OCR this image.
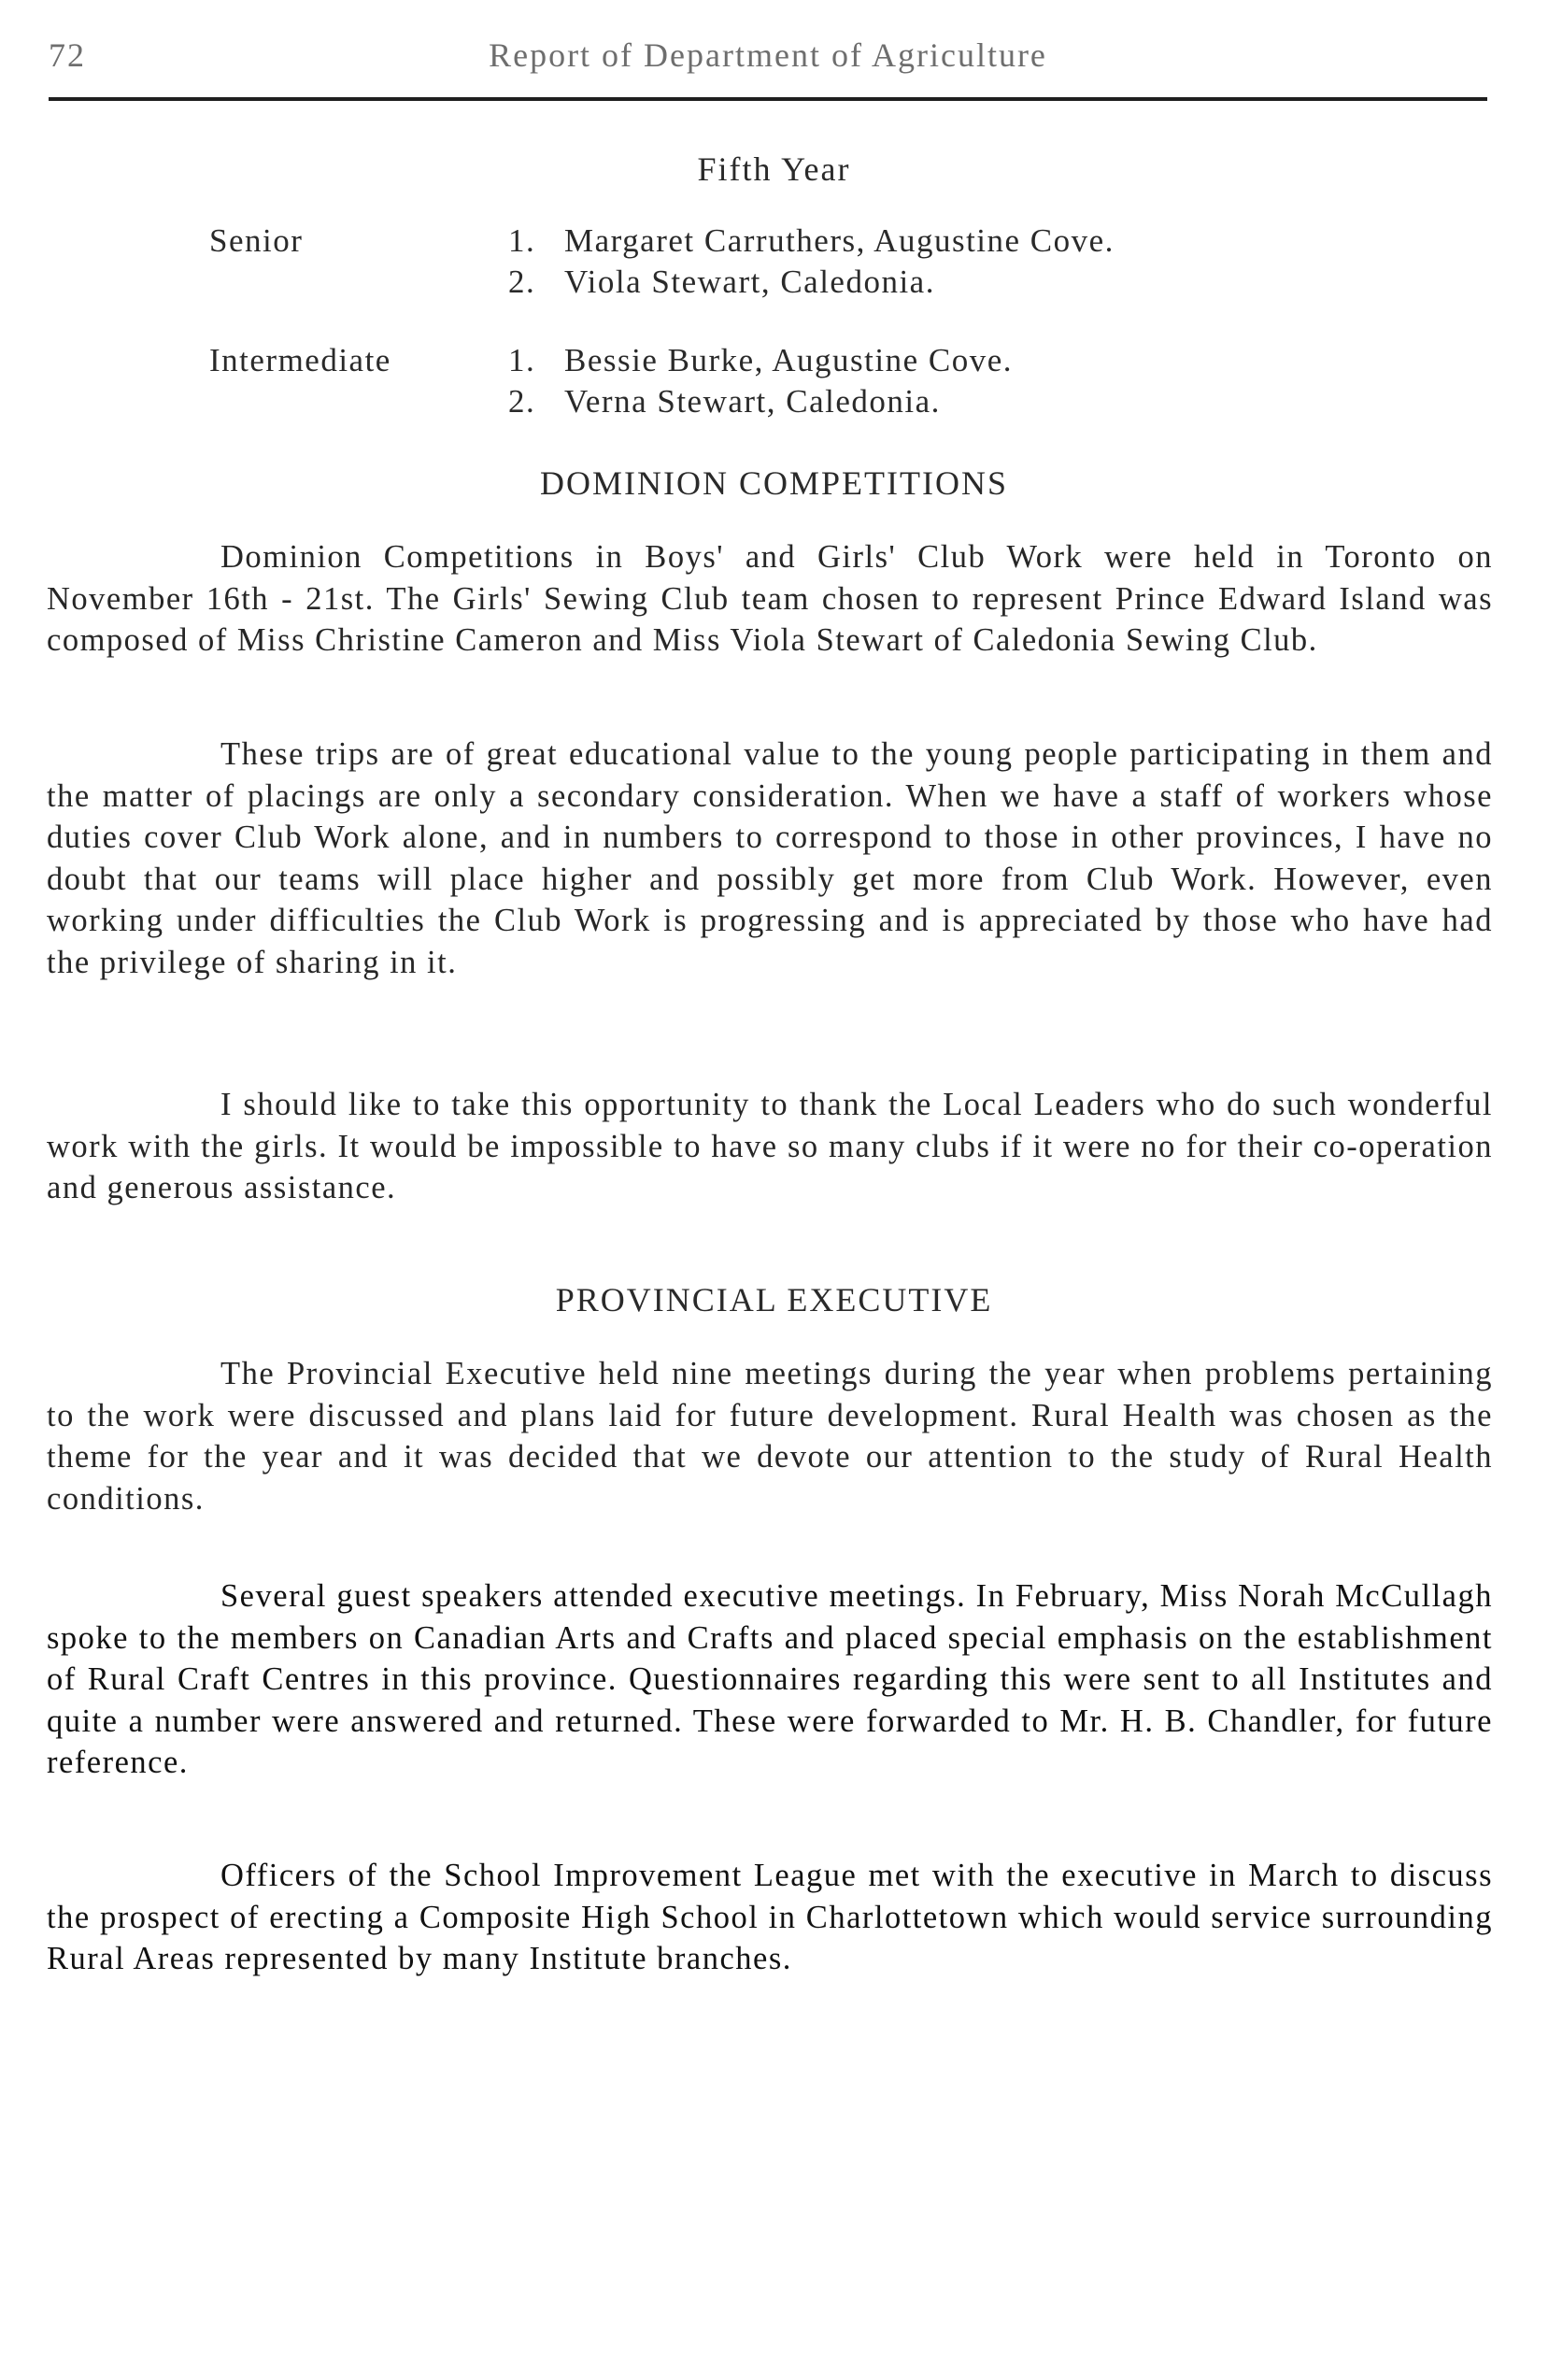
72	Report of Department of Agriculture
Fifth Year
Senior	1. Margaret Carruthers, Augustine Cove.
2. Viola Stewart, Caledonia.
Intermediate	1. Bessie Burke, Augustine Cove.
2. Verna Stewart, Caledonia.
DOMINION COMPETITIONS

Dominion Competitions in Boys' and Girls' Club Work were held in Toronto on November 16th - 21st. The Girls' Sewing Club team chosen to represent Prince Edward Island was composed of Miss Christine Cameron and Miss Viola Stewart of Caledonia Sewing Club.

These trips are of great educational value to the young people participating in them and the matter of placings are only a secondary consideration. When we have a staff of workers whose duties cover Club Work alone, and in numbers to correspond to those in other provinces, I have no doubt that our teams will place higher and possibly get more from Club Work. However, even working under difficulties the Club Work is progressing and is appreciated by those who have had the privilege of sharing in it.

I should like to take this opportunity to thank the Local Leaders who do such wonderful work with the girls. It would be impossible to have so many clubs if it were no for their co-operation and generous assistance.

PROVINCIAL EXECUTIVE

The Provincial Executive held nine meetings during the year when problems pertaining to the work were discussed and plans laid for future development. Rural Health was chosen as the theme for the year and it was decided that we devote our attention to the study of Rural Health conditions.

Several guest speakers attended executive meetings. In February, Miss Norah McCullagh spoke to the members on Canadian Arts and Crafts and placed special emphasis on the establishment of Rural Craft Centres in this province. Questionnaires regarding this were sent to all Institutes and quite a number were answered and returned. These were forwarded to Mr. H. B. Chandler, for future reference.

Officers of the School Improvement League met with the executive in March to discuss the prospect of erecting a Composite High School in Charlottetown which would service surrounding Rural Areas represented by many Institute branches.
